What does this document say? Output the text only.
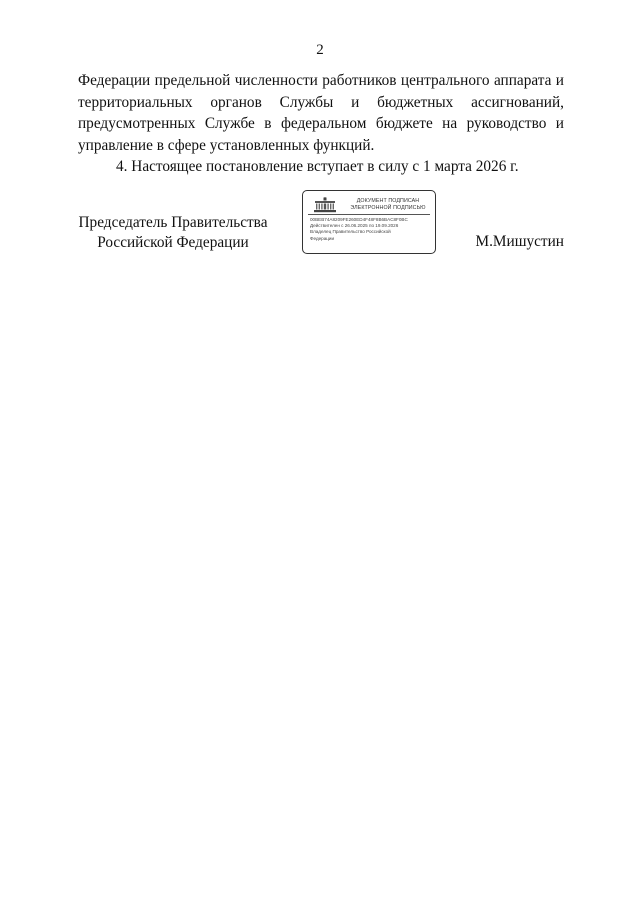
2

Федерации предельной численности работников центрального аппарата и территориальных органов Службы и бюджетных ассигнований, предусмотренных Службе в федеральном бюджете на руководство и управление в сфере установленных функций.

4. Настоящее постановление вступает в силу с 1 марта 2026 г.

Председатель Правительства
Российской Федерации
ДОКУМЕНТ ПОДПИСАН
ЭЛЕКТРОННОЙ ПОДПИСЬЮ
00BEB74A8209FE260ED4F48F8B6BAC8F0BC
Действителен с 26.06.2025 по 19.09.2026
Владелец Правительство Российской
Федерации	М.Мишустин
